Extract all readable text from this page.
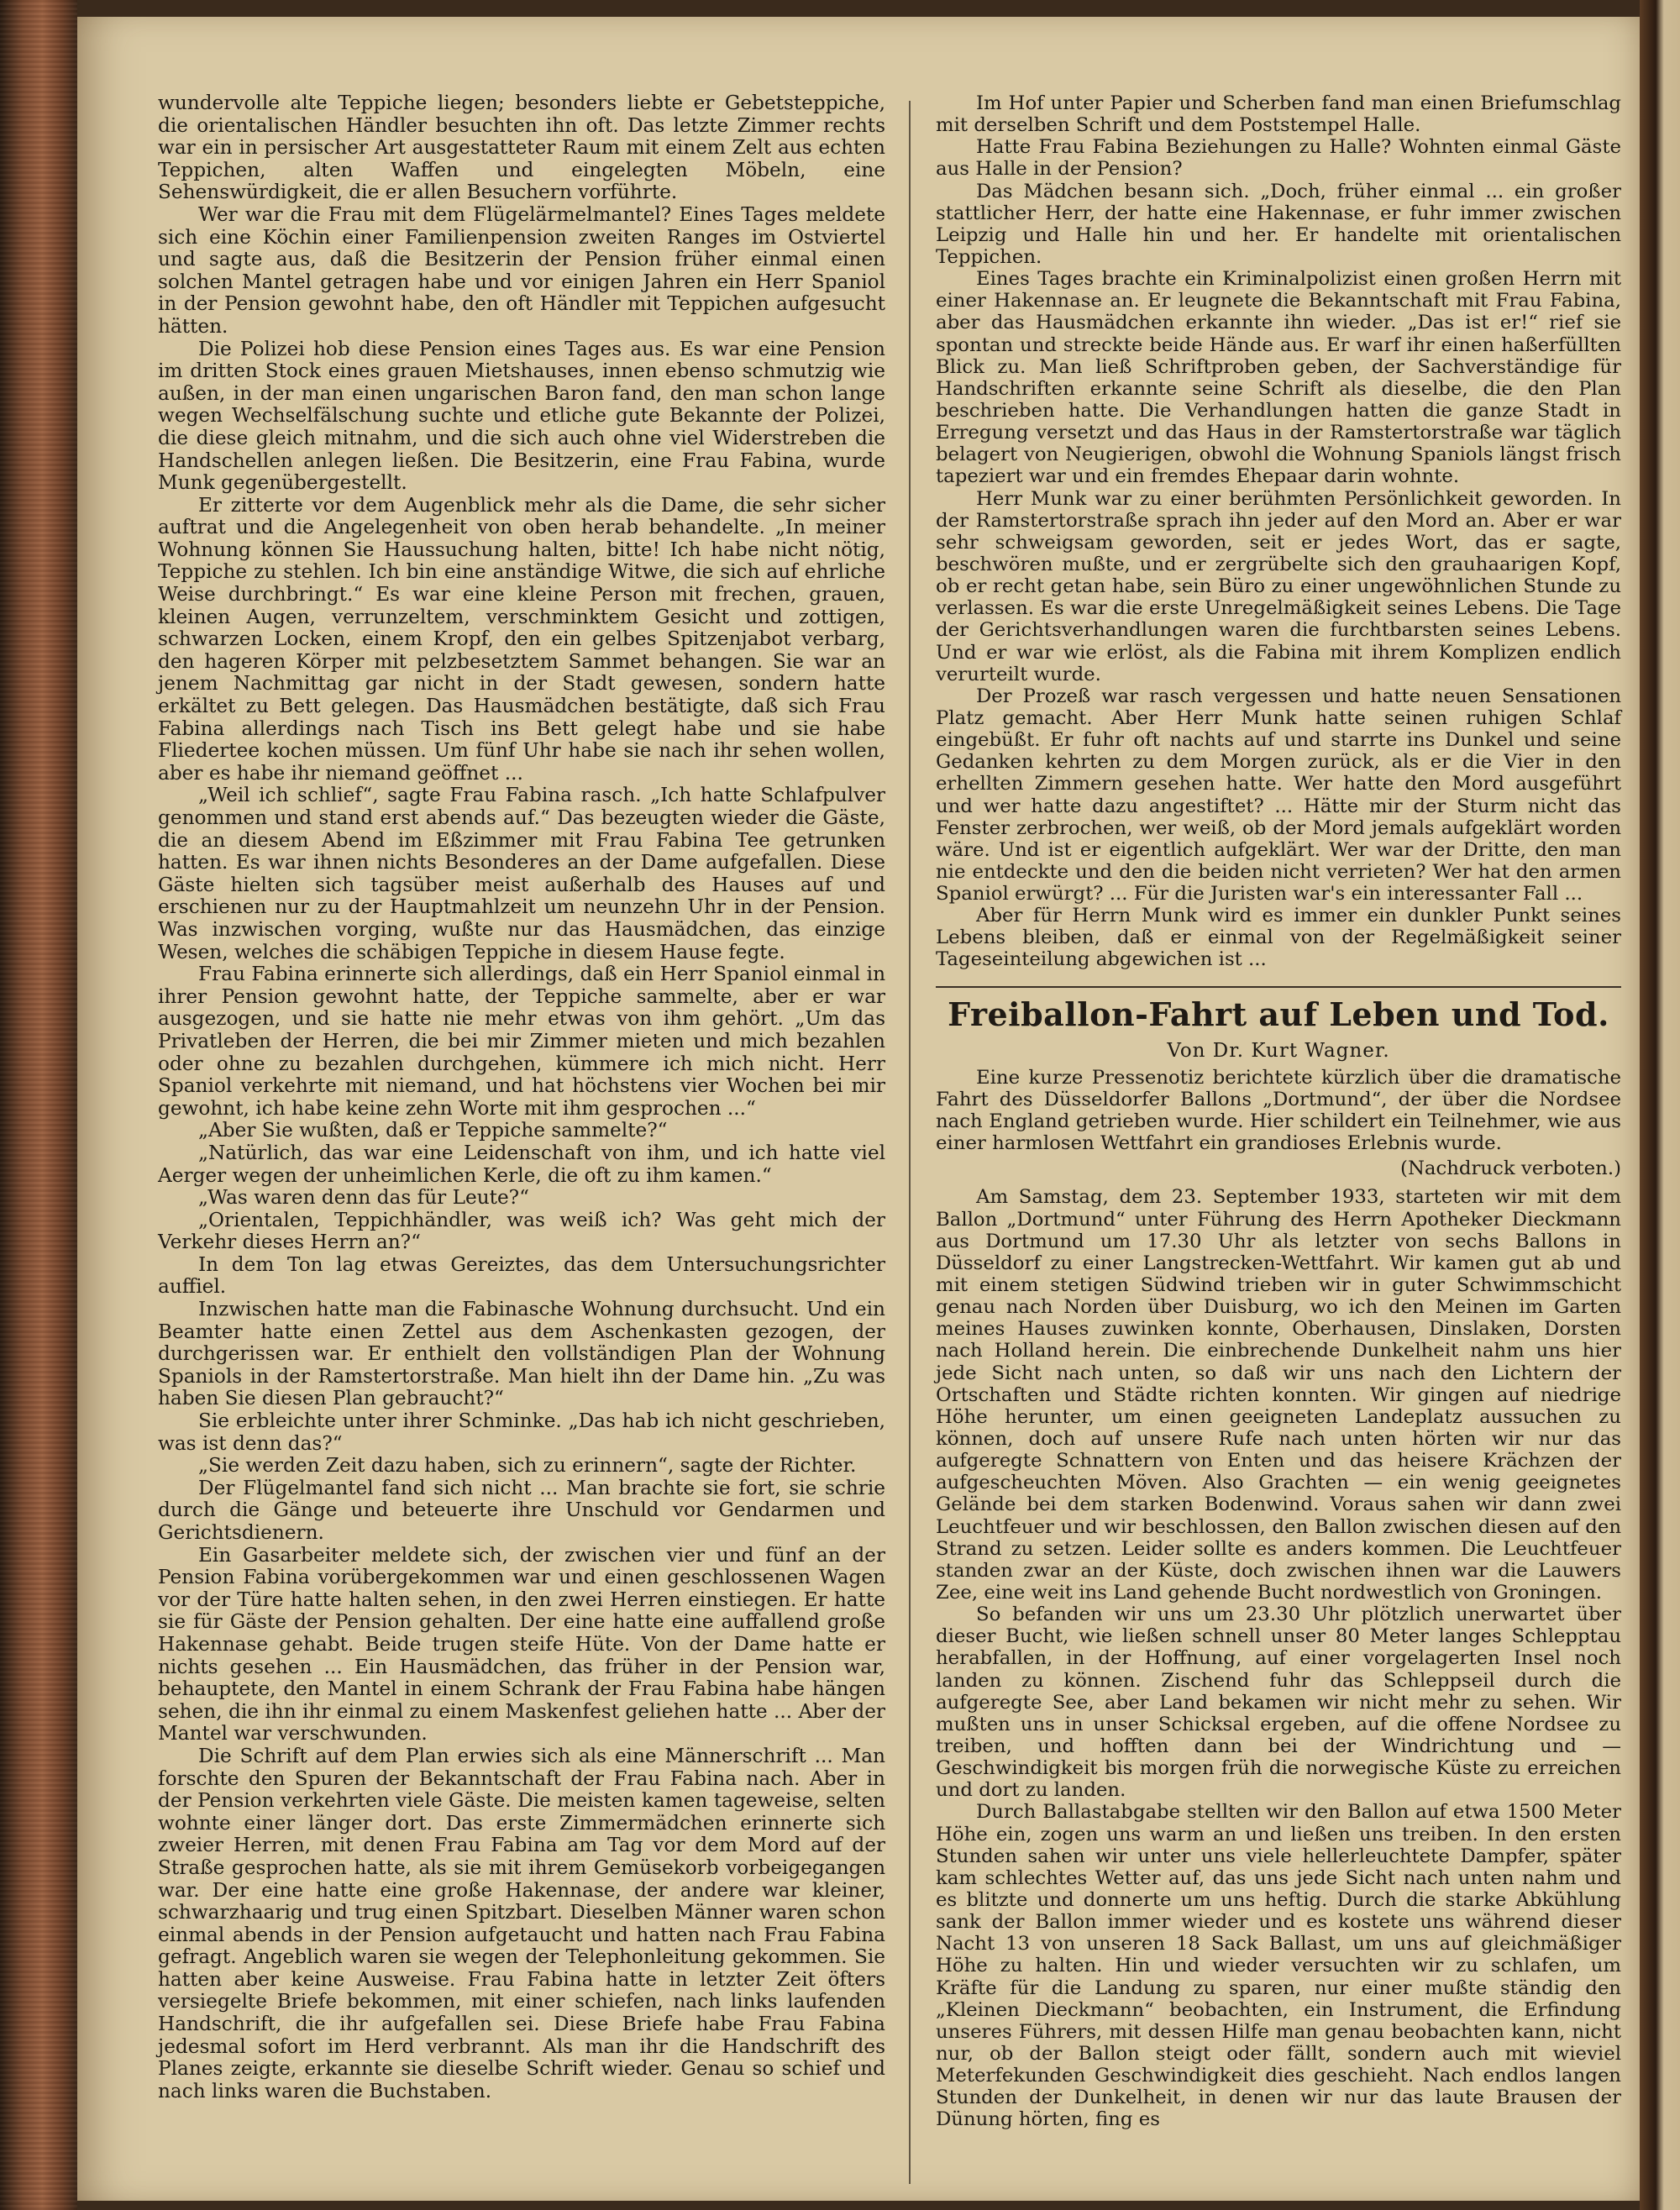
wundervolle alte Teppiche liegen; besonders liebte er Gebetsteppiche, die orientalischen Händler besuchten ihn oft. Das letzte Zimmer rechts war ein in persischer Art ausgestatteter Raum mit einem Zelt aus echten Teppichen, alten Waffen und eingelegten Möbeln, eine Sehenswürdigkeit, die er allen Besuchern vorführte.

Wer war die Frau mit dem Flügelärmelmantel? Eines Tages meldete sich eine Köchin einer Familienpension zweiten Ranges im Ostviertel und sagte aus, daß die Besitzerin der Pension früher einmal einen solchen Mantel getragen habe und vor einigen Jahren ein Herr Spaniol in der Pension gewohnt habe, den oft Händler mit Teppichen aufgesucht hätten.

Die Polizei hob diese Pension eines Tages aus. Es war eine Pension im dritten Stock eines grauen Mietshauses, innen ebenso schmutzig wie außen, in der man einen ungarischen Baron fand, den man schon lange wegen Wechselfälschung suchte und etliche gute Bekannte der Polizei, die diese gleich mitnahm, und die sich auch ohne viel Widerstreben die Handschellen anlegen ließen. Die Besitzerin, eine Frau Fabina, wurde Munk gegenübergestellt.

Er zitterte vor dem Augenblick mehr als die Dame, die sehr sicher auftrat und die Angelegenheit von oben herab behandelte. „In meiner Wohnung können Sie Haussuchung halten, bitte! Ich habe nicht nötig, Teppiche zu stehlen. Ich bin eine anständige Witwe, die sich auf ehrliche Weise durchbringt.“ Es war eine kleine Person mit frechen, grauen, kleinen Augen, verrunzeltem, verschminktem Gesicht und zottigen, schwarzen Locken, einem Kropf, den ein gelbes Spitzenjabot verbarg, den hageren Körper mit pelzbesetztem Sammet behangen. Sie war an jenem Nachmittag gar nicht in der Stadt gewesen, sondern hatte erkältet zu Bett gelegen. Das Hausmädchen bestätigte, daß sich Frau Fabina allerdings nach Tisch ins Bett gelegt habe und sie habe Fliedertee kochen müssen. Um fünf Uhr habe sie nach ihr sehen wollen, aber es habe ihr niemand geöffnet ...

„Weil ich schlief“, sagte Frau Fabina rasch. „Ich hatte Schlafpulver genommen und stand erst abends auf.“ Das bezeugten wieder die Gäste, die an diesem Abend im Eßzimmer mit Frau Fabina Tee getrunken hatten. Es war ihnen nichts Besonderes an der Dame aufgefallen. Diese Gäste hielten sich tagsüber meist außerhalb des Hauses auf und erschienen nur zu der Hauptmahlzeit um neunzehn Uhr in der Pension. Was inzwischen vorging, wußte nur das Hausmädchen, das einzige Wesen, welches die schäbigen Teppiche in diesem Hause fegte.

Frau Fabina erinnerte sich allerdings, daß ein Herr Spaniol einmal in ihrer Pension gewohnt hatte, der Teppiche sammelte, aber er war ausgezogen, und sie hatte nie mehr etwas von ihm gehört. „Um das Privatleben der Herren, die bei mir Zimmer mieten und mich bezahlen oder ohne zu bezahlen durchgehen, kümmere ich mich nicht. Herr Spaniol verkehrte mit niemand, und hat höchstens vier Wochen bei mir gewohnt, ich habe keine zehn Worte mit ihm gesprochen ...“

„Aber Sie wußten, daß er Teppiche sammelte?“

„Natürlich, das war eine Leidenschaft von ihm, und ich hatte viel Aerger wegen der unheimlichen Kerle, die oft zu ihm kamen.“

„Was waren denn das für Leute?“

„Orientalen, Teppichhändler, was weiß ich? Was geht mich der Verkehr dieses Herrn an?“

In dem Ton lag etwas Gereiztes, das dem Untersuchungsrichter auffiel.

Inzwischen hatte man die Fabinasche Wohnung durchsucht. Und ein Beamter hatte einen Zettel aus dem Aschenkasten gezogen, der durchgerissen war. Er enthielt den vollständigen Plan der Wohnung Spaniols in der Ramstertorstraße. Man hielt ihn der Dame hin. „Zu was haben Sie diesen Plan gebraucht?“

Sie erbleichte unter ihrer Schminke. „Das hab ich nicht geschrieben, was ist denn das?“

„Sie werden Zeit dazu haben, sich zu erinnern“, sagte der Richter.

Der Flügelmantel fand sich nicht ... Man brachte sie fort, sie schrie durch die Gänge und beteuerte ihre Unschuld vor Gendarmen und Gerichtsdienern.

Ein Gasarbeiter meldete sich, der zwischen vier und fünf an der Pension Fabina vorübergekommen war und einen geschlossenen Wagen vor der Türe hatte halten sehen, in den zwei Herren einstiegen. Er hatte sie für Gäste der Pension gehalten. Der eine hatte eine auffallend große Hakennase gehabt. Beide trugen steife Hüte. Von der Dame hatte er nichts gesehen ... Ein Hausmädchen, das früher in der Pension war, behauptete, den Mantel in einem Schrank der Frau Fabina habe hängen sehen, die ihn ihr einmal zu einem Maskenfest geliehen hatte ... Aber der Mantel war verschwunden.

Die Schrift auf dem Plan erwies sich als eine Männerschrift ... Man forschte den Spuren der Bekanntschaft der Frau Fabina nach. Aber in der Pension verkehrten viele Gäste. Die meisten kamen tageweise, selten wohnte einer länger dort. Das erste Zimmermädchen erinnerte sich zweier Herren, mit denen Frau Fabina am Tag vor dem Mord auf der Straße gesprochen hatte, als sie mit ihrem Gemüsekorb vorbeigegangen war. Der eine hatte eine große Hakennase, der andere war kleiner, schwarzhaarig und trug einen Spitzbart. Dieselben Männer waren schon einmal abends in der Pension aufgetaucht und hatten nach Frau Fabina gefragt. Angeblich waren sie wegen der Telephonleitung gekommen. Sie hatten aber keine Ausweise. Frau Fabina hatte in letzter Zeit öfters versiegelte Briefe bekommen, mit einer schiefen, nach links laufenden Handschrift, die ihr aufgefallen sei. Diese Briefe habe Frau Fabina jedesmal sofort im Herd verbrannt. Als man ihr die Handschrift des Planes zeigte, erkannte sie dieselbe Schrift wieder. Genau so schief und nach links waren die Buchstaben.

Im Hof unter Papier und Scherben fand man einen Briefumschlag mit derselben Schrift und dem Poststempel Halle.

Hatte Frau Fabina Beziehungen zu Halle? Wohnten einmal Gäste aus Halle in der Pension?

Das Mädchen besann sich. „Doch, früher einmal ... ein großer stattlicher Herr, der hatte eine Hakennase, er fuhr immer zwischen Leipzig und Halle hin und her. Er handelte mit orientalischen Teppichen.

Eines Tages brachte ein Kriminalpolizist einen großen Herrn mit einer Hakennase an. Er leugnete die Bekanntschaft mit Frau Fabina, aber das Hausmädchen erkannte ihn wieder. „Das ist er!“ rief sie spontan und streckte beide Hände aus. Er warf ihr einen haßerfüllten Blick zu. Man ließ Schriftproben geben, der Sachverständige für Handschriften erkannte seine Schrift als dieselbe, die den Plan beschrieben hatte. Die Verhandlungen hatten die ganze Stadt in Erregung versetzt und das Haus in der Ramstertorstraße war täglich belagert von Neugierigen, obwohl die Wohnung Spaniols längst frisch tapeziert war und ein fremdes Ehepaar darin wohnte.

Herr Munk war zu einer berühmten Persönlichkeit geworden. In der Ramstertorstraße sprach ihn jeder auf den Mord an. Aber er war sehr schweigsam geworden, seit er jedes Wort, das er sagte, beschwören mußte, und er zergrübelte sich den grauhaarigen Kopf, ob er recht getan habe, sein Büro zu einer ungewöhnlichen Stunde zu verlassen. Es war die erste Unregelmäßigkeit seines Lebens. Die Tage der Gerichtsverhandlungen waren die furchtbarsten seines Lebens. Und er war wie erlöst, als die Fabina mit ihrem Komplizen endlich verurteilt wurde.

Der Prozeß war rasch vergessen und hatte neuen Sensationen Platz gemacht. Aber Herr Munk hatte seinen ruhigen Schlaf eingebüßt. Er fuhr oft nachts auf und starrte ins Dunkel und seine Gedanken kehrten zu dem Morgen zurück, als er die Vier in den erhellten Zimmern gesehen hatte. Wer hatte den Mord ausgeführt und wer hatte dazu angestiftet? ... Hätte mir der Sturm nicht das Fenster zerbrochen, wer weiß, ob der Mord jemals aufgeklärt worden wäre. Und ist er eigentlich aufgeklärt. Wer war der Dritte, den man nie entdeckte und den die beiden nicht verrieten? Wer hat den armen Spaniol erwürgt? ... Für die Juristen war's ein interessanter Fall ...

Aber für Herrn Munk wird es immer ein dunkler Punkt seines Lebens bleiben, daß er einmal von der Regelmäßigkeit seiner Tageseinteilung abgewichen ist ...

Freiballon-Fahrt auf Leben und Tod.
Von Dr. Kurt Wagner.

Eine kurze Pressenotiz berichtete kürzlich über die dramatische Fahrt des Düsseldorfer Ballons „Dortmund“, der über die Nordsee nach England getrieben wurde. Hier schildert ein Teilnehmer, wie aus einer harmlosen Wettfahrt ein grandioses Erlebnis wurde.

(Nachdruck verboten.)

Am Samstag, dem 23. September 1933, starteten wir mit dem Ballon „Dortmund“ unter Führung des Herrn Apotheker Dieckmann aus Dortmund um 17.30 Uhr als letzter von sechs Ballons in Düsseldorf zu einer Langstrecken-Wettfahrt. Wir kamen gut ab und mit einem stetigen Südwind trieben wir in guter Schwimmschicht genau nach Norden über Duisburg, wo ich den Meinen im Garten meines Hauses zuwinken konnte, Oberhausen, Dinslaken, Dorsten nach Holland herein. Die einbrechende Dunkelheit nahm uns hier jede Sicht nach unten, so daß wir uns nach den Lichtern der Ortschaften und Städte richten konnten. Wir gingen auf niedrige Höhe herunter, um einen geeigneten Landeplatz aussuchen zu können, doch auf unsere Rufe nach unten hörten wir nur das aufgeregte Schnattern von Enten und das heisere Krächzen der aufgescheuchten Möven. Also Grachten — ein wenig geeignetes Gelände bei dem starken Bodenwind. Voraus sahen wir dann zwei Leuchtfeuer und wir beschlossen, den Ballon zwischen diesen auf den Strand zu setzen. Leider sollte es anders kommen. Die Leuchtfeuer standen zwar an der Küste, doch zwischen ihnen war die Lauwers Zee, eine weit ins Land gehende Bucht nordwestlich von Groningen.

So befanden wir uns um 23.30 Uhr plötzlich unerwartet über dieser Bucht, wie ließen schnell unser 80 Meter langes Schlepptau herabfallen, in der Hoffnung, auf einer vorgelagerten Insel noch landen zu können. Zischend fuhr das Schleppseil durch die aufgeregte See, aber Land bekamen wir nicht mehr zu sehen. Wir mußten uns in unser Schicksal ergeben, auf die offene Nordsee zu treiben, und hofften dann bei der Windrichtung und — Geschwindigkeit bis morgen früh die norwegische Küste zu erreichen und dort zu landen.

Durch Ballastabgabe stellten wir den Ballon auf etwa 1500 Meter Höhe ein, zogen uns warm an und ließen uns treiben. In den ersten Stunden sahen wir unter uns viele hellerleuchtete Dampfer, später kam schlechtes Wetter auf, das uns jede Sicht nach unten nahm und es blitzte und donnerte um uns heftig. Durch die starke Abkühlung sank der Ballon immer wieder und es kostete uns während dieser Nacht 13 von unseren 18 Sack Ballast, um uns auf gleichmäßiger Höhe zu halten. Hin und wieder versuchten wir zu schlafen, um Kräfte für die Landung zu sparen, nur einer mußte ständig den „Kleinen Dieckmann“ beobachten, ein Instrument, die Erfindung unseres Führers, mit dessen Hilfe man genau beobachten kann, nicht nur, ob der Ballon steigt oder fällt, sondern auch mit wieviel Meterfekunden Geschwindigkeit dies geschieht. Nach endlos langen Stunden der Dunkelheit, in denen wir nur das laute Brausen der Dünung hörten, fing es
